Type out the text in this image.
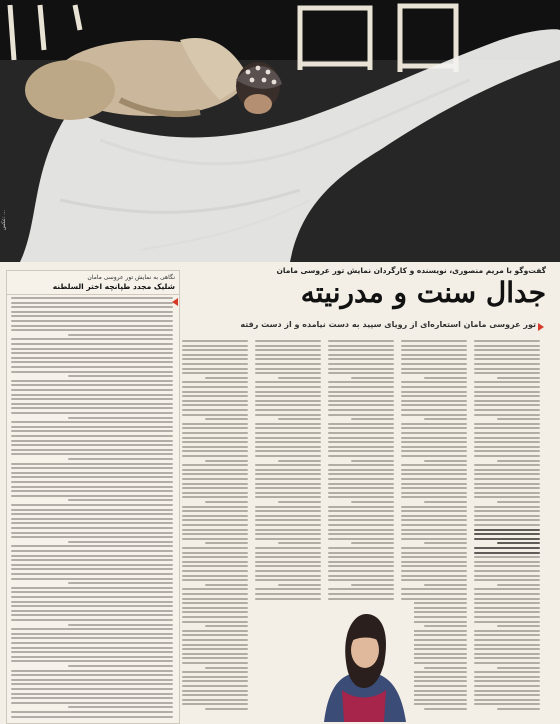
عکس: ...
نگاهی به نمایش تور عروسی مامان
شلیک مجدد طپانچه اختر السلطنه
گفت‌وگو با مریم منصوری، نویسنده و کارگردان نمایش تور عروسی مامان
جدال سنت و مدرنیته
تور عروسی مامان استعاره‌ای از رویای سپید به دست نیامده و از دست رفته
